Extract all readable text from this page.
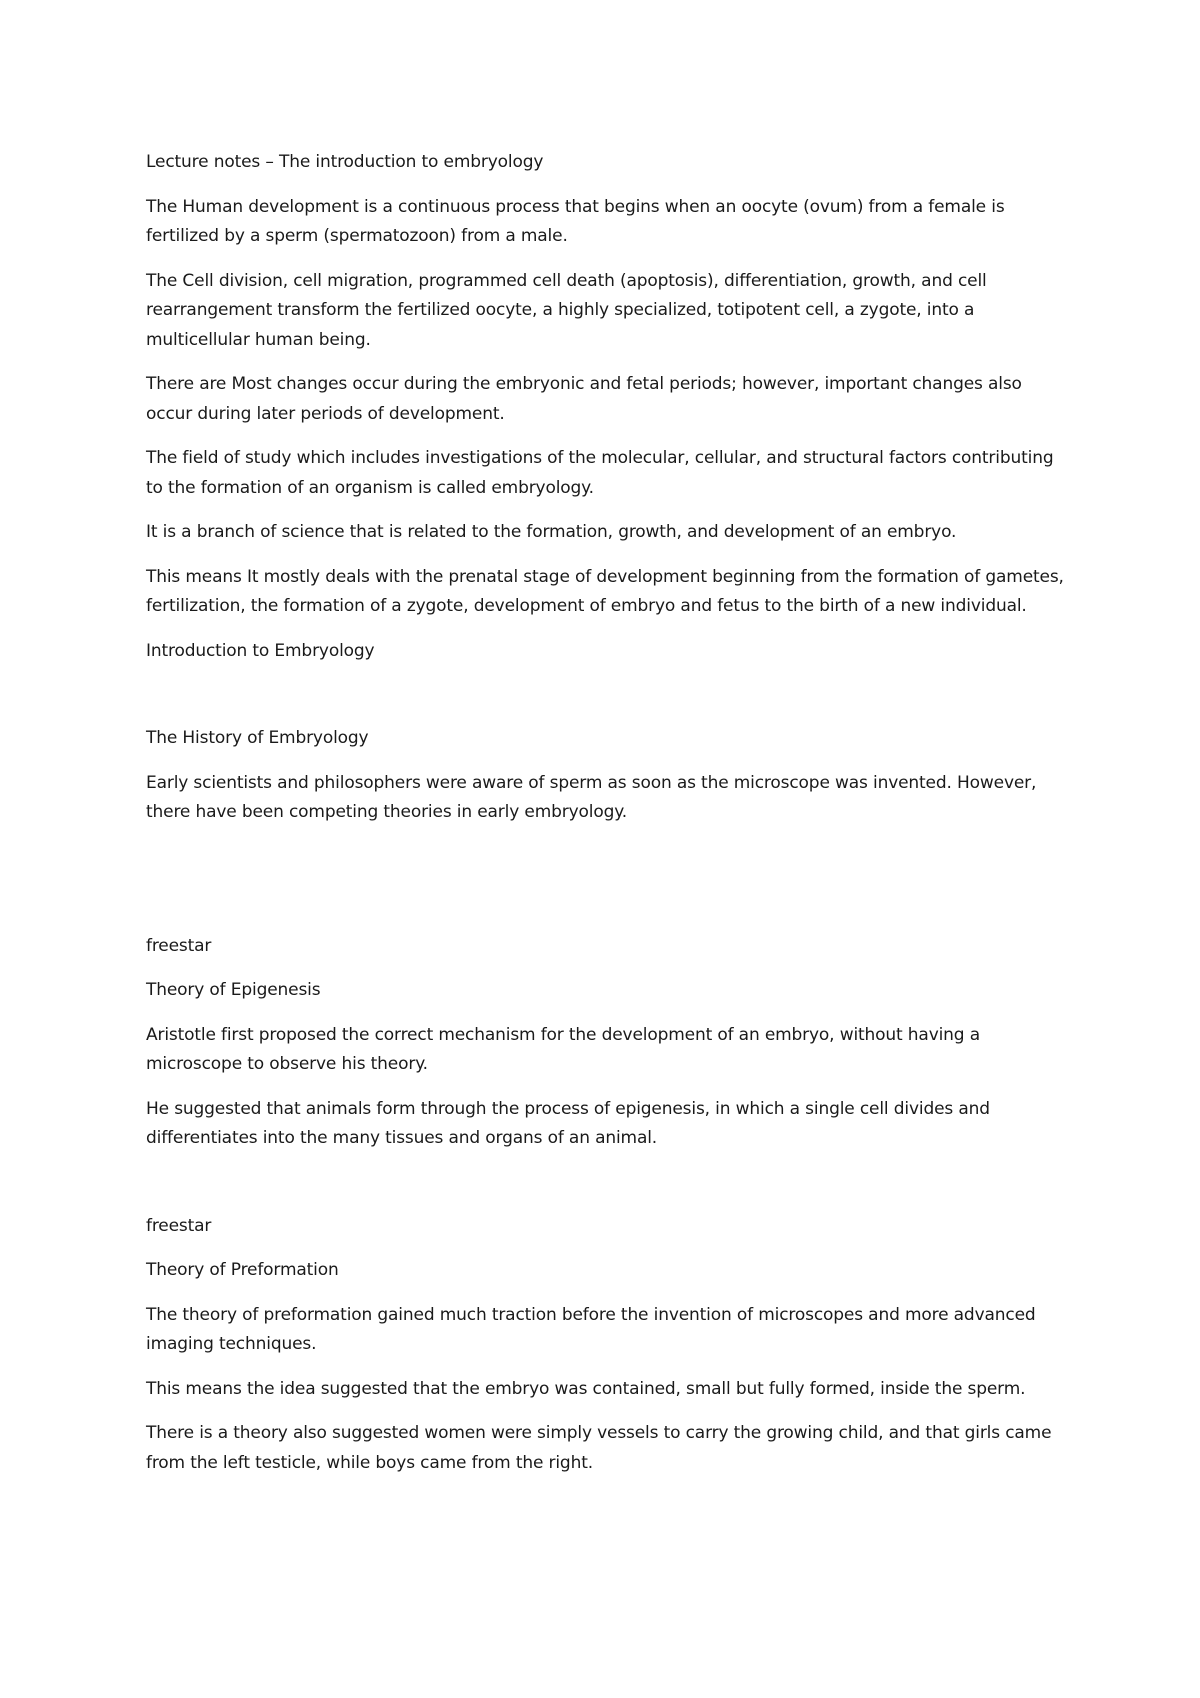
Lecture notes – The introduction to embryology

The Human development is a continuous process that begins when an oocyte (ovum) from a female is fertilized by a sperm (spermatozoon) from a male.

The Cell division, cell migration, programmed cell death (apoptosis), differentiation, growth, and cell rearrangement transform the fertilized oocyte, a highly specialized, totipotent cell, a zygote, into a multicellular human being.

There are Most changes occur during the embryonic and fetal periods; however, important changes also occur during later periods of development.

The field of study which includes investigations of the molecular, cellular, and structural factors contributing to the formation of an organism is called embryology.

It is a branch of science that is related to the formation, growth, and development of an embryo.

This means It mostly deals with the prenatal stage of development beginning from the formation of gametes, fertilization, the formation of a zygote, development of embryo and fetus to the birth of a new individual.

Introduction to Embryology

The History of Embryology

Early scientists and philosophers were aware of sperm as soon as the microscope was invented. However, there have been competing theories in early embryology.

freestar

Theory of Epigenesis

Aristotle first proposed the correct mechanism for the development of an embryo, without having a microscope to observe his theory.

He suggested that animals form through the process of epigenesis, in which a single cell divides and differentiates into the many tissues and organs of an animal.

freestar

Theory of Preformation

The theory of preformation gained much traction before the invention of microscopes and more advanced imaging techniques.

This means the idea suggested that the embryo was contained, small but fully formed, inside the sperm.

There is a theory also suggested women were simply vessels to carry the growing child, and that girls came from the left testicle, while boys came from the right.
